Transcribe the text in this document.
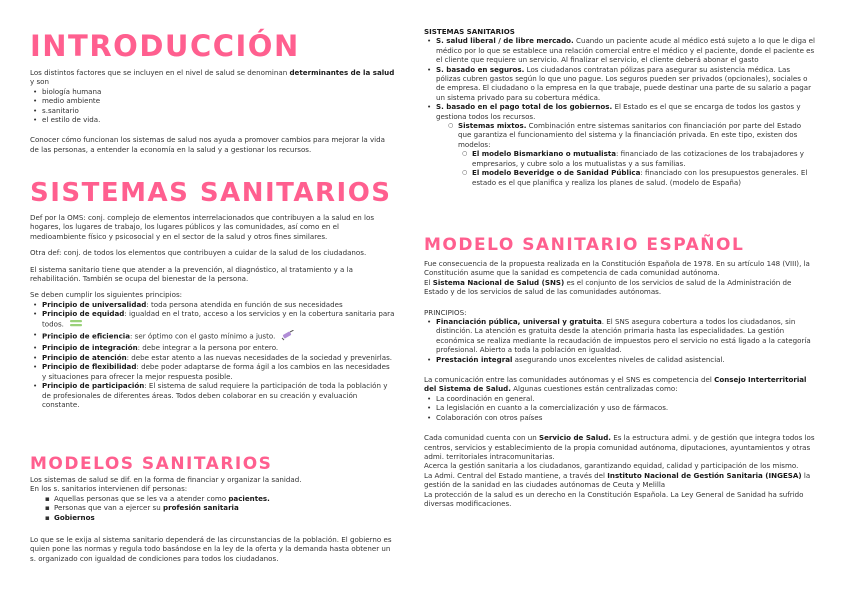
INTRODUCCIÓN

Los distintos factores que se incluyen en el nivel de salud se denominan determinantes de la salud y son

• biología humana
• medio ambiente
• s.sanitario
• el estilo de vida.

Conocer cómo funcionan los sistemas de salud nos ayuda a promover cambios para mejorar la vida de las personas, a entender la economía en la salud y a gestionar los recursos.

SISTEMAS SANITARIOS

Def por la OMS: conj. complejo de elementos interrelacionados que contribuyen a la salud en los hogares, los lugares de trabajo, los lugares públicos y las comunidades, así como en el medioambiente físico y psicosocial y en el sector de la salud y otros fines similares.

Otra def: conj. de todos los elementos que contribuyen a cuidar de la salud de los ciudadanos.

El sistema sanitario tiene que atender a la prevención, al diagnóstico, al tratamiento y a la rehabilitación. También se ocupa del bienestar de la persona.

Se deben cumplir los siguientes principios:

• Principio de universalidad: toda persona atendida en función de sus necesidades
• Principio de equidad: igualdad en el trato, acceso a los servicios y en la cobertura sanitaria para todos.
• Principio de eficiencia: ser óptimo con el gasto mínimo a justo.
• Principio de integración: debe integrar a la persona por entero.
• Principio de atención: debe estar atento a las nuevas necesidades de la sociedad y prevenirlas.
• Principio de flexibilidad: debe poder adaptarse de forma ágil a los cambios en las necesidades y situaciones para ofrecer la mejor respuesta posible.
• Principio de participación: El sistema de salud requiere la participación de toda la población y de profesionales de diferentes áreas. Todos deben colaborar en su creación y evaluación constante.
MODELOS SANITARIOS

Los sistemas de salud se dif. en la forma de financiar y organizar la sanidad.

En los s. sanitarios intervienen dif personas:

▪ Aquellas personas que se les va a atender como pacientes.
▪ Personas que van a ejercer su profesión sanitaria
▪ Gobiernos

Lo que se le exija al sistema sanitario dependerá de las circunstancias de la población. El gobierno es quien pone las normas y regula todo basándose en la ley de la oferta y la demanda hasta obtener un s. organizado con igualdad de condiciones para todos los ciudadanos.

SISTEMAS SANITARIOS

• S. salud liberal / de libre mercado. Cuando un paciente acude al médico está sujeto a lo que le diga el médico por lo que se establece una relación comercial entre el médico y el paciente, donde el paciente es el cliente que requiere un servicio. Al finalizar el servicio, el cliente deberá abonar el gasto
• S. basado en seguros. Los ciudadanos contratan pólizas para asegurar su asistencia médica. Las pólizas cubren gastos según lo que uno pague. Los seguros pueden ser privados (opcionales), sociales o de empresa. El ciudadano o la empresa en la que trabaje, puede destinar una parte de su salario a pagar un sistema privado para su cobertura médica.
• S. basado en el pago total de los gobiernos. El Estado es el que se encarga de todos los gastos y gestiona todos los recursos.
○ Sistemas mixtos. Combinación entre sistemas sanitarios con financiación por parte del Estado que garantiza el funcionamiento del sistema y la financiación privada. En este tipo, existen dos modelos:
○ El modelo Bismarkiano o mutualista: financiado de las cotizaciones de los trabajadores y empresarios, y cubre solo a los mutualistas y a sus familias.
○ El modelo Beveridge o de Sanidad Pública: financiado con los presupuestos generales. El estado es el que planifica y realiza los planes de salud. (modelo de España)
MODELO SANITARIO ESPAÑOL

Fue consecuencia de la propuesta realizada en la Constitución Española de 1978. En su artículo 148 (VIII), la Constitución asume que la sanidad es competencia de cada comunidad autónoma.

El Sistema Nacional de Salud (SNS) es el conjunto de los servicios de salud de la Administración de Estado y de los servicios de salud de las comunidades autónomas.

PRINCIPIOS:

• Financiación pública, universal y gratuita. El SNS asegura cobertura a todos los ciudadanos, sin distinción. La atención es gratuita desde la atención primaria hasta las especialidades. La gestión económica se realiza mediante la recaudación de impuestos pero el servicio no está ligado a la categoría profesional. Abierto a toda la población en igualdad.
• Prestación integral asegurando unos excelentes niveles de calidad asistencial.

La comunicación entre las comunidades autónomas y el SNS es competencia del Consejo Interterritorial del Sistema de Salud. Algunas cuestiones están centralizadas como:

• La coordinación en general.
• La legislación en cuanto a la comercialización y uso de fármacos.
• Colaboración con otros países

Cada comunidad cuenta con un Servicio de Salud. Es la estructura admi. y de gestión que integra todos los centros, servicios y establecimiento de la propia comunidad autónoma, diputaciones, ayuntamientos y otras admi. territoriales intracomunitarias.

Acerca la gestión sanitaria a los ciudadanos, garantizando equidad, calidad y participación de los mismo.

La Admi. Central del Estado mantiene, a través del Instituto Nacional de Gestión Sanitaria (INGESA) la gestión de la sanidad en las ciudades autónomas de Ceuta y Melilla

La protección de la salud es un derecho en la Constitución Española. La Ley General de Sanidad ha sufrido diversas modificaciones.
